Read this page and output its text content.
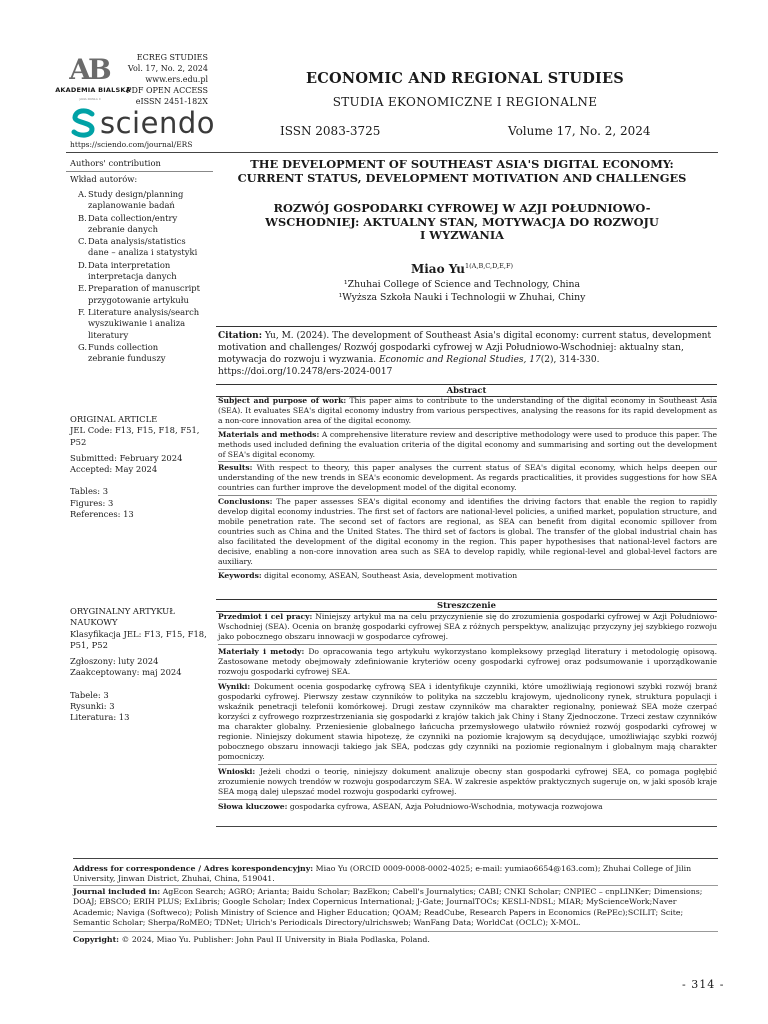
AB
AKADEMIA BIALSKA
JANA PAWŁA II
ECREG STUDIES
Vol. 17, No. 2, 2024
www.ers.edu.pl
PDF OPEN ACCESS
eISSN 2451-182X
sciendo
https://sciendo.com/journal/ERS
ECONOMIC AND REGIONAL STUDIES
STUDIA EKONOMICZNE I REGIONALNE
ISSN 2083-3725	Volume 17, No. 2, 2024
Authors' contribution
Wkład autorów:
A. Study design/planning
zaplanowanie badań
B. Data collection/entry
zebranie danych
C. Data analysis/statistics
dane – analiza i statystyki
D. Data interpretation
interpretacja danych
E. Preparation of manuscript
przygotowanie artykułu
F. Literature analysis/search
wyszukiwanie i analiza literatury
G. Funds collection
zebranie funduszy
ORIGINAL ARTICLE
JEL Code: F13, F15, F18, F51, P52
Submitted: February 2024
Accepted: May 2024
Tables: 3
Figures: 3
References: 13
ORYGINALNY ARTYKUŁ NAUKOWY
Klasyfikacja JEL: F13, F15, F18, P51, P52
Zgłoszony: luty 2024
Zaakceptowany: maj 2024
Tabele: 3
Rysunki: 3
Literatura: 13
THE DEVELOPMENT OF SOUTHEAST ASIA'S DIGITAL ECONOMY:
CURRENT STATUS, DEVELOPMENT MOTIVATION AND CHALLENGES
ROZWÓJ GOSPODARKI CYFROWEJ W AZJI POŁUDNIOWO-
WSCHODNIEJ: AKTUALNY STAN, MOTYWACJA DO ROZWOJU
I WYZWANIA
Miao $Yu^{1(A,B,C,D,E,F)}$
¹Zhuhai College of Science and Technology, China
¹Wyższa Szkoła Nauki i Technologii w Zhuhai, Chiny
Citation: Yu, M. (2024). The development of Southeast Asia's digital economy: current status, development motivation and challenges/ Rozwój gospodarki cyfrowej w Azji Południowo-Wschodniej: aktualny stan, motywacja do rozwoju i wyzwania. Economic and Regional Studies, 17(2), 314-330. https://doi.org/10.2478/ers-2024-0017
Abstract

Subject and purpose of work: This paper aims to contribute to the understanding of the digital economy in Southeast Asia (SEA). It evaluates SEA's digital economy industry from various perspectives, analysing the reasons for its rapid development as a non-core innovation area of the digital economy.

Materials and methods: A comprehensive literature review and descriptive methodology were used to produce this paper. The methods used included defining the evaluation criteria of the digital economy and summarising and sorting out the development of SEA's digital economy.

Results: With respect to theory, this paper analyses the current status of SEA's digital economy, which helps deepen our understanding of the new trends in SEA's economic development. As regards practicalities, it provides suggestions for how SEA countries can further improve the development model of the digital economy.

Conclusions: The paper assesses SEA's digital economy and identifies the driving factors that enable the region to rapidly develop digital economy industries. The first set of factors are national-level policies, a unified market, population structure, and mobile penetration rate. The second set of factors are regional, as SEA can benefit from digital economic spillover from countries such as China and the United States. The third set of factors is global. The transfer of the global industrial chain has also facilitated the development of the digital economy in the region. This paper hypothesises that national-level factors are decisive, enabling a non-core innovation area such as SEA to develop rapidly, while regional-level and global-level factors are auxiliary.

Keywords: digital economy, ASEAN, Southeast Asia, development motivation

Streszczenie

Przedmiot i cel pracy: Niniejszy artykuł ma na celu przyczynienie się do zrozumienia gospodarki cyfrowej w Azji Południowo-Wschodniej (SEA). Ocenia on branżę gospodarki cyfrowej SEA z różnych perspektyw, analizując przyczyny jej szybkiego rozwoju jako pobocznego obszaru innowacji w gospodarce cyfrowej.

Materiały i metody: Do opracowania tego artykułu wykorzystano kompleksowy przegląd literatury i metodologię opisową. Zastosowane metody obejmowały zdefiniowanie kryteriów oceny gospodarki cyfrowej oraz podsumowanie i uporządkowanie rozwoju gospodarki cyfrowej SEA.

Wyniki: Dokument ocenia gospodarkę cyfrową SEA i identyfikuje czynniki, które umożliwiają regionowi szybki rozwój branż gospodarki cyfrowej. Pierwszy zestaw czynników to polityka na szczeblu krajowym, ujednolicony rynek, struktura populacji i wskaźnik penetracji telefonii komórkowej. Drugi zestaw czynników ma charakter regionalny, ponieważ SEA może czerpać korzyści z cyfrowego rozprzestrzeniania się gospodarki z krajów takich jak Chiny i Stany Zjednoczone. Trzeci zestaw czynników ma charakter globalny. Przeniesienie globalnego łańcucha przemysłowego ułatwiło również rozwój gospodarki cyfrowej w regionie. Niniejszy dokument stawia hipotezę, że czynniki na poziomie krajowym są decydujące, umożliwiając szybki rozwój pobocznego obszaru innowacji takiego jak SEA, podczas gdy czynniki na poziomie regionalnym i globalnym mają charakter pomocniczy.

Wnioski: Jeżeli chodzi o teorię, niniejszy dokument analizuje obecny stan gospodarki cyfrowej SEA, co pomaga pogłębić zrozumienie nowych trendów w rozwoju gospodarczym SEA. W zakresie aspektów praktycznych sugeruje on, w jaki sposób kraje SEA mogą dalej ulepszać model rozwoju gospodarki cyfrowej.

Słowa kluczowe: gospodarka cyfrowa, ASEAN, Azja Południowo-Wschodnia, motywacja rozwojowa

Address for correspondence / Adres korespondencyjny: Miao Yu (ORCID 0009-0008-0002-4025; e-mail: yumiao6654@163.com); Zhuhai College of Jilin University, Jinwan District, Zhuhai, China, 519041.

Journal included in: AgEcon Search; AGRO; Arianta; Baidu Scholar; BazEkon; Cabell's Journalytics; CABI; CNKI Scholar; CNPIEC – cnpLINKer; Dimensions; DOAJ; EBSCO; ERIH PLUS; ExLibris; Google Scholar; Index Copernicus International; J-Gate; JournalTOCs; KESLI-NDSL; MIAR; MyScienceWork;Naver Academic; Naviga (Softweco); Polish Ministry of Science and Higher Education; QOAM; ReadCube, Research Papers in Economics (RePEc);SCILIT; Scite; Semantic Scholar; Sherpa/RoMEO; TDNet; Ulrich's Periodicals Directory/ulrichsweb; WanFang Data; WorldCat (OCLC); X-MOL.

Copyright: © 2024, Miao Yu. Publisher: John Paul II University in Biała Podlaska, Poland.

- 314 -
